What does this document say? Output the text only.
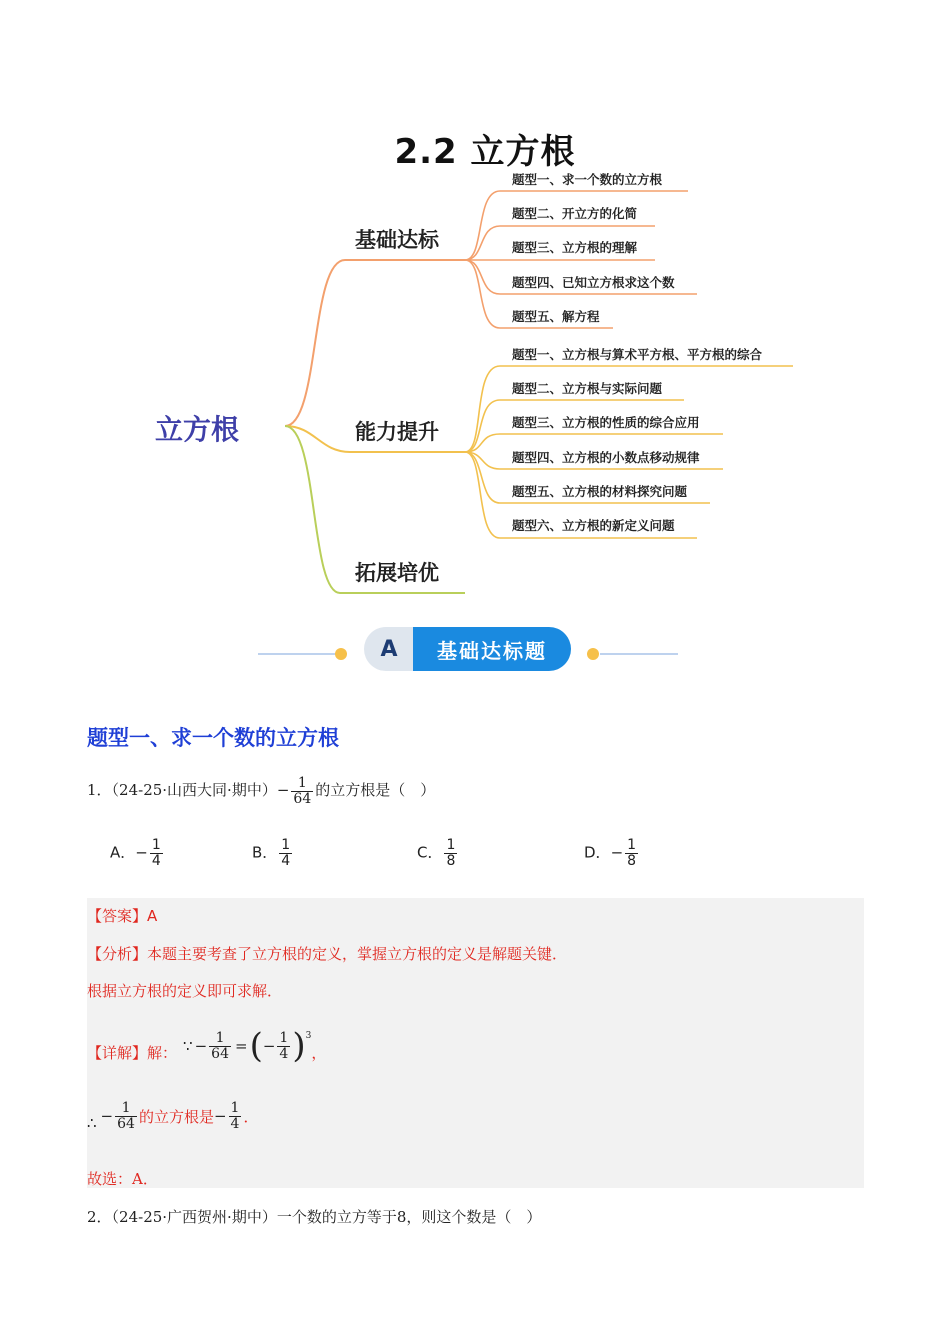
2.2 立方根
立方根
基础达标
能力提升
拓展培优
题型一、求一个数的立方根
题型二、开立方的化简
题型三、立方根的理解
题型四、已知立方根求这个数
题型五、解方程
题型一、立方根与算术平方根、平方根的综合
题型二、立方根与实际问题
题型三、立方根的性质的综合应用
题型四、立方根的小数点移动规律
题型五、立方根的材料探究问题
题型六、立方根的新定义问题
A	基础达标题
题型一、求一个数的立方根
1．（24-25·山西大同·期中）− $\frac{1}{64}$ 的立方根是（　）
A．− $\frac{1}{4}$	B． $\frac{1}{4}$	C． $\frac{1}{8}$	D．− $\frac{1}{8}$
【答案】A
【分析】本题主要考查了立方根的定义，掌握立方根的定义是解题关键．
根据立方根的定义即可求解．
【详解】 解： ∵ − $\frac{1}{64}$ = ( − $\frac{1}{4}$ ) 3
，
∴ − $\frac{1}{64}$ 的立方根是 − $\frac{1}{4}$ ．
故选：A．
2．（24-25·广西贺州·期中）一个数的立方等于8，则这个数是（　）
